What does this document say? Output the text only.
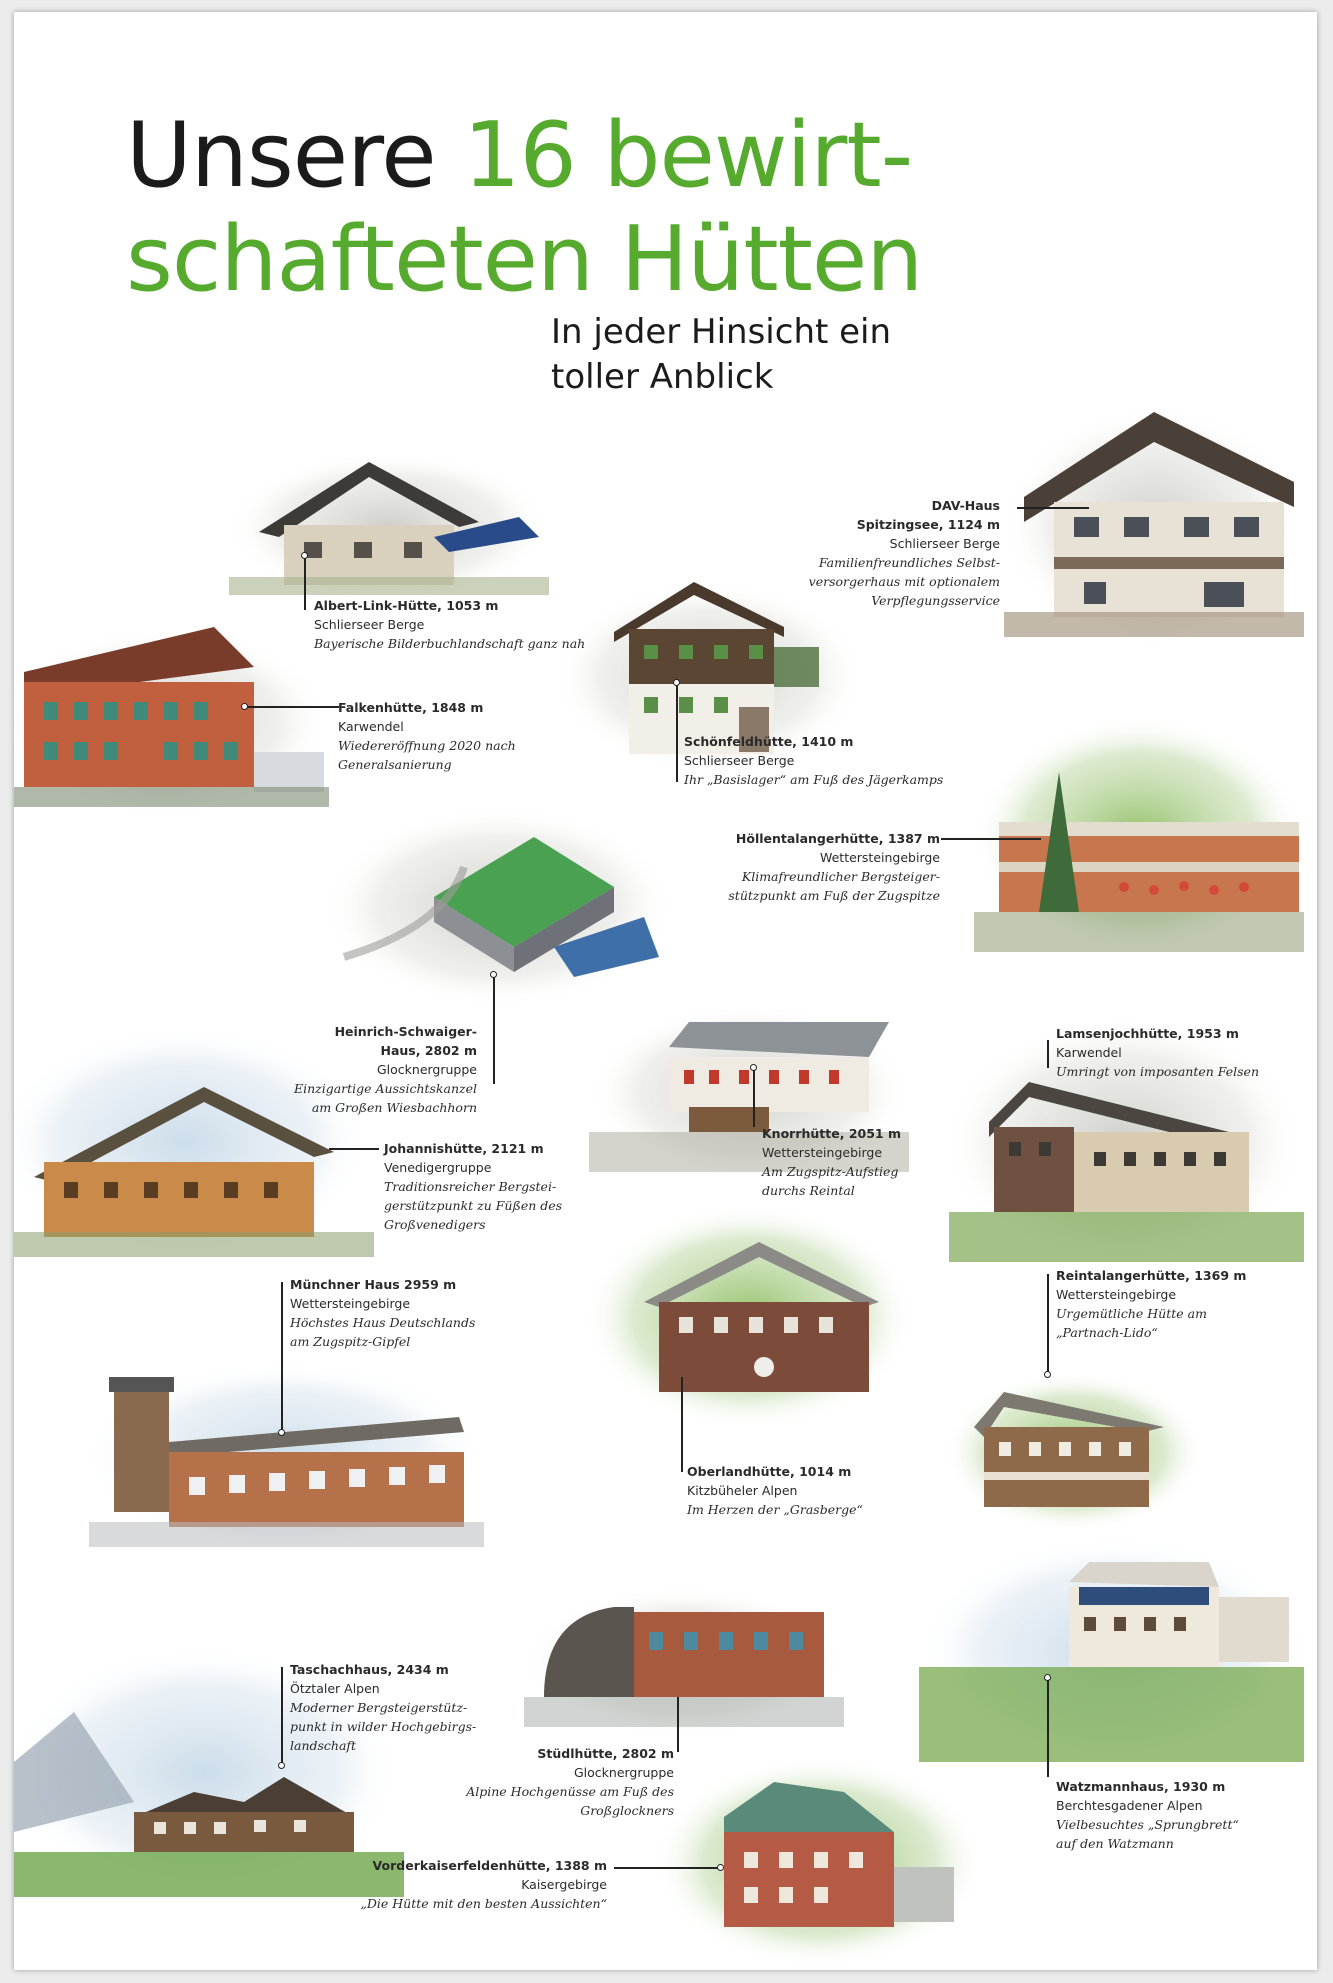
Unsere 16 bewirt-
schafteten Hütten

In jeder Hinsicht ein
toller Anblick

DAV-Haus
Spitzingsee, 1124 m
Schlierseer Berge
Familienfreundliches Selbst-
versorgerhaus mit optionalem
Verpflegungsservice
Albert-Link-Hütte, 1053 m
Schlierseer Berge
Bayerische Bilderbuchlandschaft ganz nah
Falkenhütte, 1848 m
Karwendel
Wiedereröffnung 2020 nach
Generalsanierung
Schönfeldhütte, 1410 m
Schlierseer Berge
Ihr „Basislager“ am Fuß des Jägerkamps
Höllentalangerhütte, 1387 m
Wettersteingebirge
Klimafreundlicher Bergsteiger-
stützpunkt am Fuß der Zugspitze
Heinrich-Schwaiger-
Haus, 2802 m
Glocknergruppe
Einzigartige Aussichtskanzel
am Großen Wiesbachhorn
Lamsenjochhütte, 1953 m
Karwendel
Umringt von imposanten Felsen
Knorrhütte, 2051 m
Wettersteingebirge
Am Zugspitz-Aufstieg
durchs Reintal
Johannishütte, 2121 m
Venedigergruppe
Traditionsreicher Bergstei-
gerstützpunkt zu Füßen des
Großvenedigers
Münchner Haus 2959 m
Wettersteingebirge
Höchstes Haus Deutschlands
am Zugspitz-Gipfel
Reintalangerhütte, 1369 m
Wettersteingebirge
Urgemütliche Hütte am
„Partnach-Lido“
Oberlandhütte, 1014 m
Kitzbüheler Alpen
Im Herzen der „Grasberge“
Taschachhaus, 2434 m
Ötztaler Alpen
Moderner Bergsteigerstütz-
punkt in wilder Hochgebirgs-
landschaft
Stüdlhütte, 2802 m
Glocknergruppe
Alpine Hochgenüsse am Fuß des
Großglockners
Watzmannhaus, 1930 m
Berchtesgadener Alpen
Vielbesuchtes „Sprungbrett“
auf den Watzmann
Vorderkaiserfeldenhütte, 1388 m
Kaisergebirge
„Die Hütte mit den besten Aussichten“
